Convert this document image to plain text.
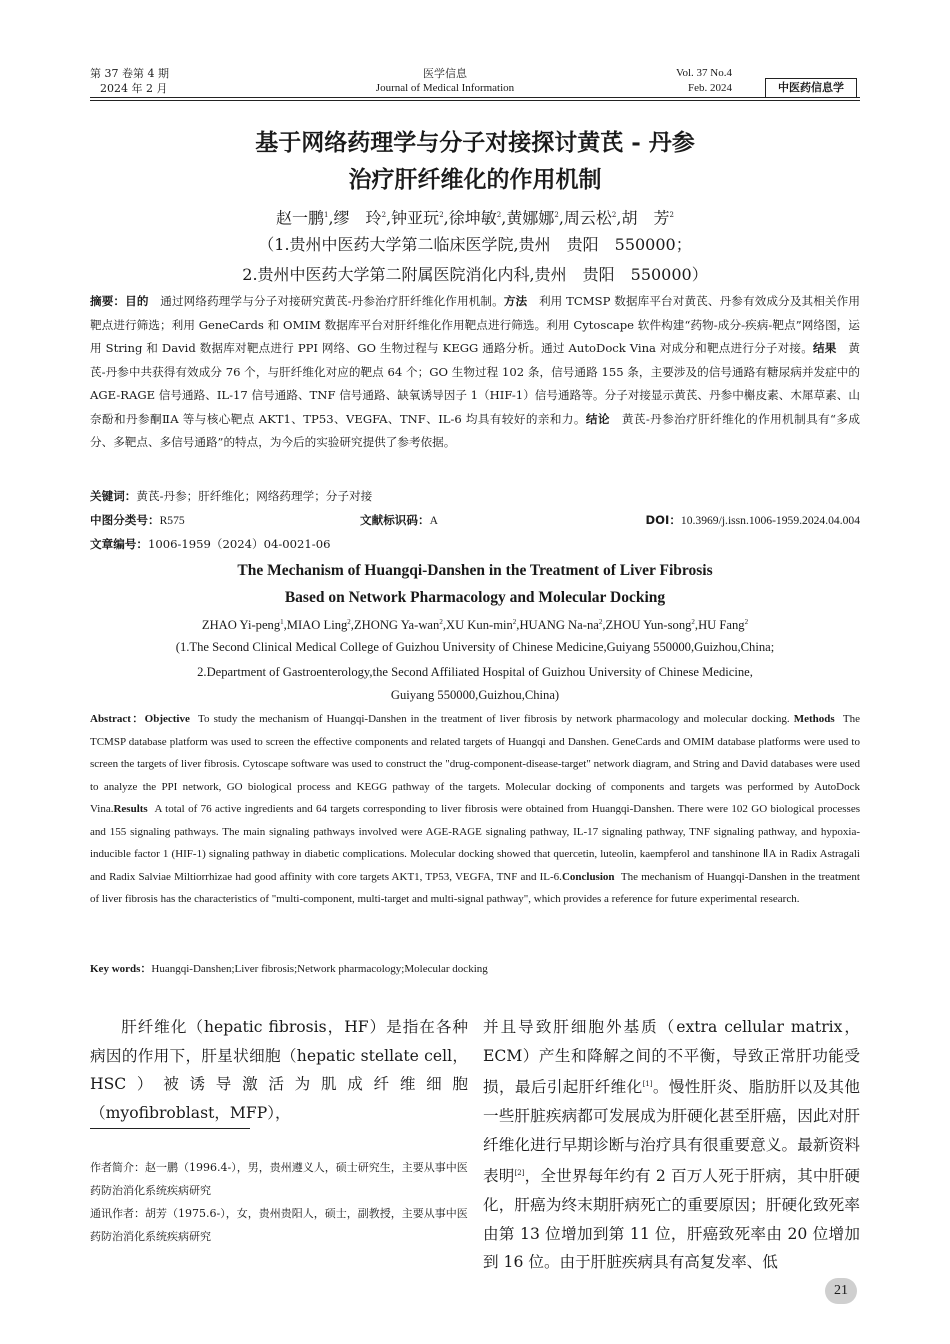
第 37 卷第 4 期
2024 年 2 月
医学信息
Journal of Medical Information
Vol. 37 No.4
Feb. 2024	中医药信息学
基于网络药理学与分子对接探讨黄芪 - 丹参
治疗肝纤维化的作用机制
赵一鹏$^1$,缪　玲$^2$,钟亚玩$^2$,徐坤敏$^2$,黄娜娜$^2$,周云松$^2$,胡　芳$^2$
（1.贵州中医药大学第二临床医学院,贵州　贵阳　550000；
2.贵州中医药大学第二附属医院消化内科,贵州　贵阳　550000）
摘要：目的　 通过网络药理学与分子对接研究黄芪-丹参治疗肝纤维化作用机制。方法　 利用 TCMSP 数据库平台对黄芪、丹参有效成分及其相关作用靶点进行筛选；利用 GeneCards 和 OMIM 数据库平台对肝纤维化作用靶点进行筛选。利用 Cytoscape 软件构建“药物-成分-疾病-靶点”网络图，运用 String 和 David 数据库对靶点进行 PPI 网络、GO 生物过程与 KEGG 通路分析。通过 AutoDock Vina 对成分和靶点进行分子对接。结果　 黄芪-丹参中共获得有效成分 76 个，与肝纤维化对应的靶点 64 个；GO 生物过程 102 条，信号通路 155 条，主要涉及的信号通路有糖尿病并发症中的 AGE-RAGE 信号通路、IL-17 信号通路、TNF 信号通路、缺氧诱导因子 1（HIF-1）信号通路等。分子对接显示黄芪、丹参中槲皮素、木犀草素、山奈酚和丹参酮ⅡA 等与核心靶点 AKT1、TP53、VEGFA、TNF、IL-6 均具有较好的亲和力。结论　 黄芪-丹参治疗肝纤维化的作用机制具有“多成分、多靶点、多信号通路”的特点，为今后的实验研究提供了参考依据。
关键词：黄芪-丹参；肝纤维化；网络药理学；分子对接
中图分类号：R575	文献标识码：A	DOI：10.3969/j.issn.1006-1959.2024.04.004
文章编号：1006-1959（2024）04-0021-06
The Mechanism of Huangqi-Danshen in the Treatment of Liver Fibrosis
Based on Network Pharmacology and Molecular Docking
ZHAO Yi-peng$^1$,MIAO Ling$^2$,ZHONG Ya-wan$^2$,XU Kun-$\min^2,HUANG$ $Na-na^2,ZHOU$ Yun-song$^2$,HU Fang$^2$
(1.The Second Clinical Medical College of Guizhou University of Chinese Medicine,Guiyang 550000,Guizhou,China;
2.Department of Gastroenterology,the Second Affiliated Hospital of Guizhou University of Chinese Medicine,
Guiyang 550000,Guizhou,China)
Abstract：Objective To study the mechanism of Huangqi-Danshen in the treatment of liver fibrosis by network pharmacology and molecular docking. Methods The TCMSP database platform was used to screen the effective components and related targets of Huangqi and Danshen. GeneCards and OMIM database platforms were used to screen the targets of liver fibrosis. Cytoscape software was used to construct the "drug-component-disease-target" network diagram, and String and David databases were used to analyze the PPI network, GO biological process and KEGG pathway of the targets. Molecular docking of components and targets was performed by AutoDock Vina.Results A total of 76 active ingredients and 64 targets corresponding to liver fibrosis were obtained from Huangqi-Danshen. There were 102 GO biological processes and 155 signaling pathways. The main signaling pathways involved were AGE-RAGE signaling pathway, IL-17 signaling pathway, TNF signaling pathway, and hypoxia-inducible factor 1 (HIF-1) signaling pathway in diabetic complications. Molecular docking showed that quercetin, luteolin, kaempferol and tanshinone ⅡA in Radix Astragali and Radix Salviae Miltiorrhizae had good affinity with core targets AKT1, TP53, VEGFA, TNF and IL-6.Conclusion The mechanism of Huangqi-Danshen in the treatment of liver fibrosis has the characteristics of "multi-component, multi-target and multi-signal pathway", which provides a reference for future experimental research.
Key words：Huangqi-Danshen;Liver fibrosis;Network pharmacology;Molecular docking
肝纤维化（hepatic fibrosis，HF）是指在各种病因的作用下，肝星状细胞（hepatic stellate cell，HSC）被诱导激活为肌成纤维细胞（myofibroblast，MFP），
并且导致肝细胞外基质（extra cellular matrix，ECM）产生和降解之间的不平衡，导致正常肝功能受损，最后引起肝纤维化[1]。慢性肝炎、脂肪肝以及其他一些肝脏疾病都可发展成为肝硬化甚至肝癌，因此对肝纤维化进行早期诊断与治疗具有很重要意义。最新资料表明[2]，全世界每年约有 2 百万人死于肝病，其中肝硬化，肝癌为终末期肝病死亡的重要原因；肝硬化致死率由第 13 位增加到第 11 位，肝癌致死率由 20 位增加到 16 位。由于肝脏疾病具有高复发率、低
作者简介：赵一鹏（1996.4-），男，贵州遵义人，硕士研究生，主要从事中医药防治消化系统疾病研究
通讯作者：胡芳（1975.6-），女，贵州贵阳人，硕士，副教授，主要从事中医药防治消化系统疾病研究
21
